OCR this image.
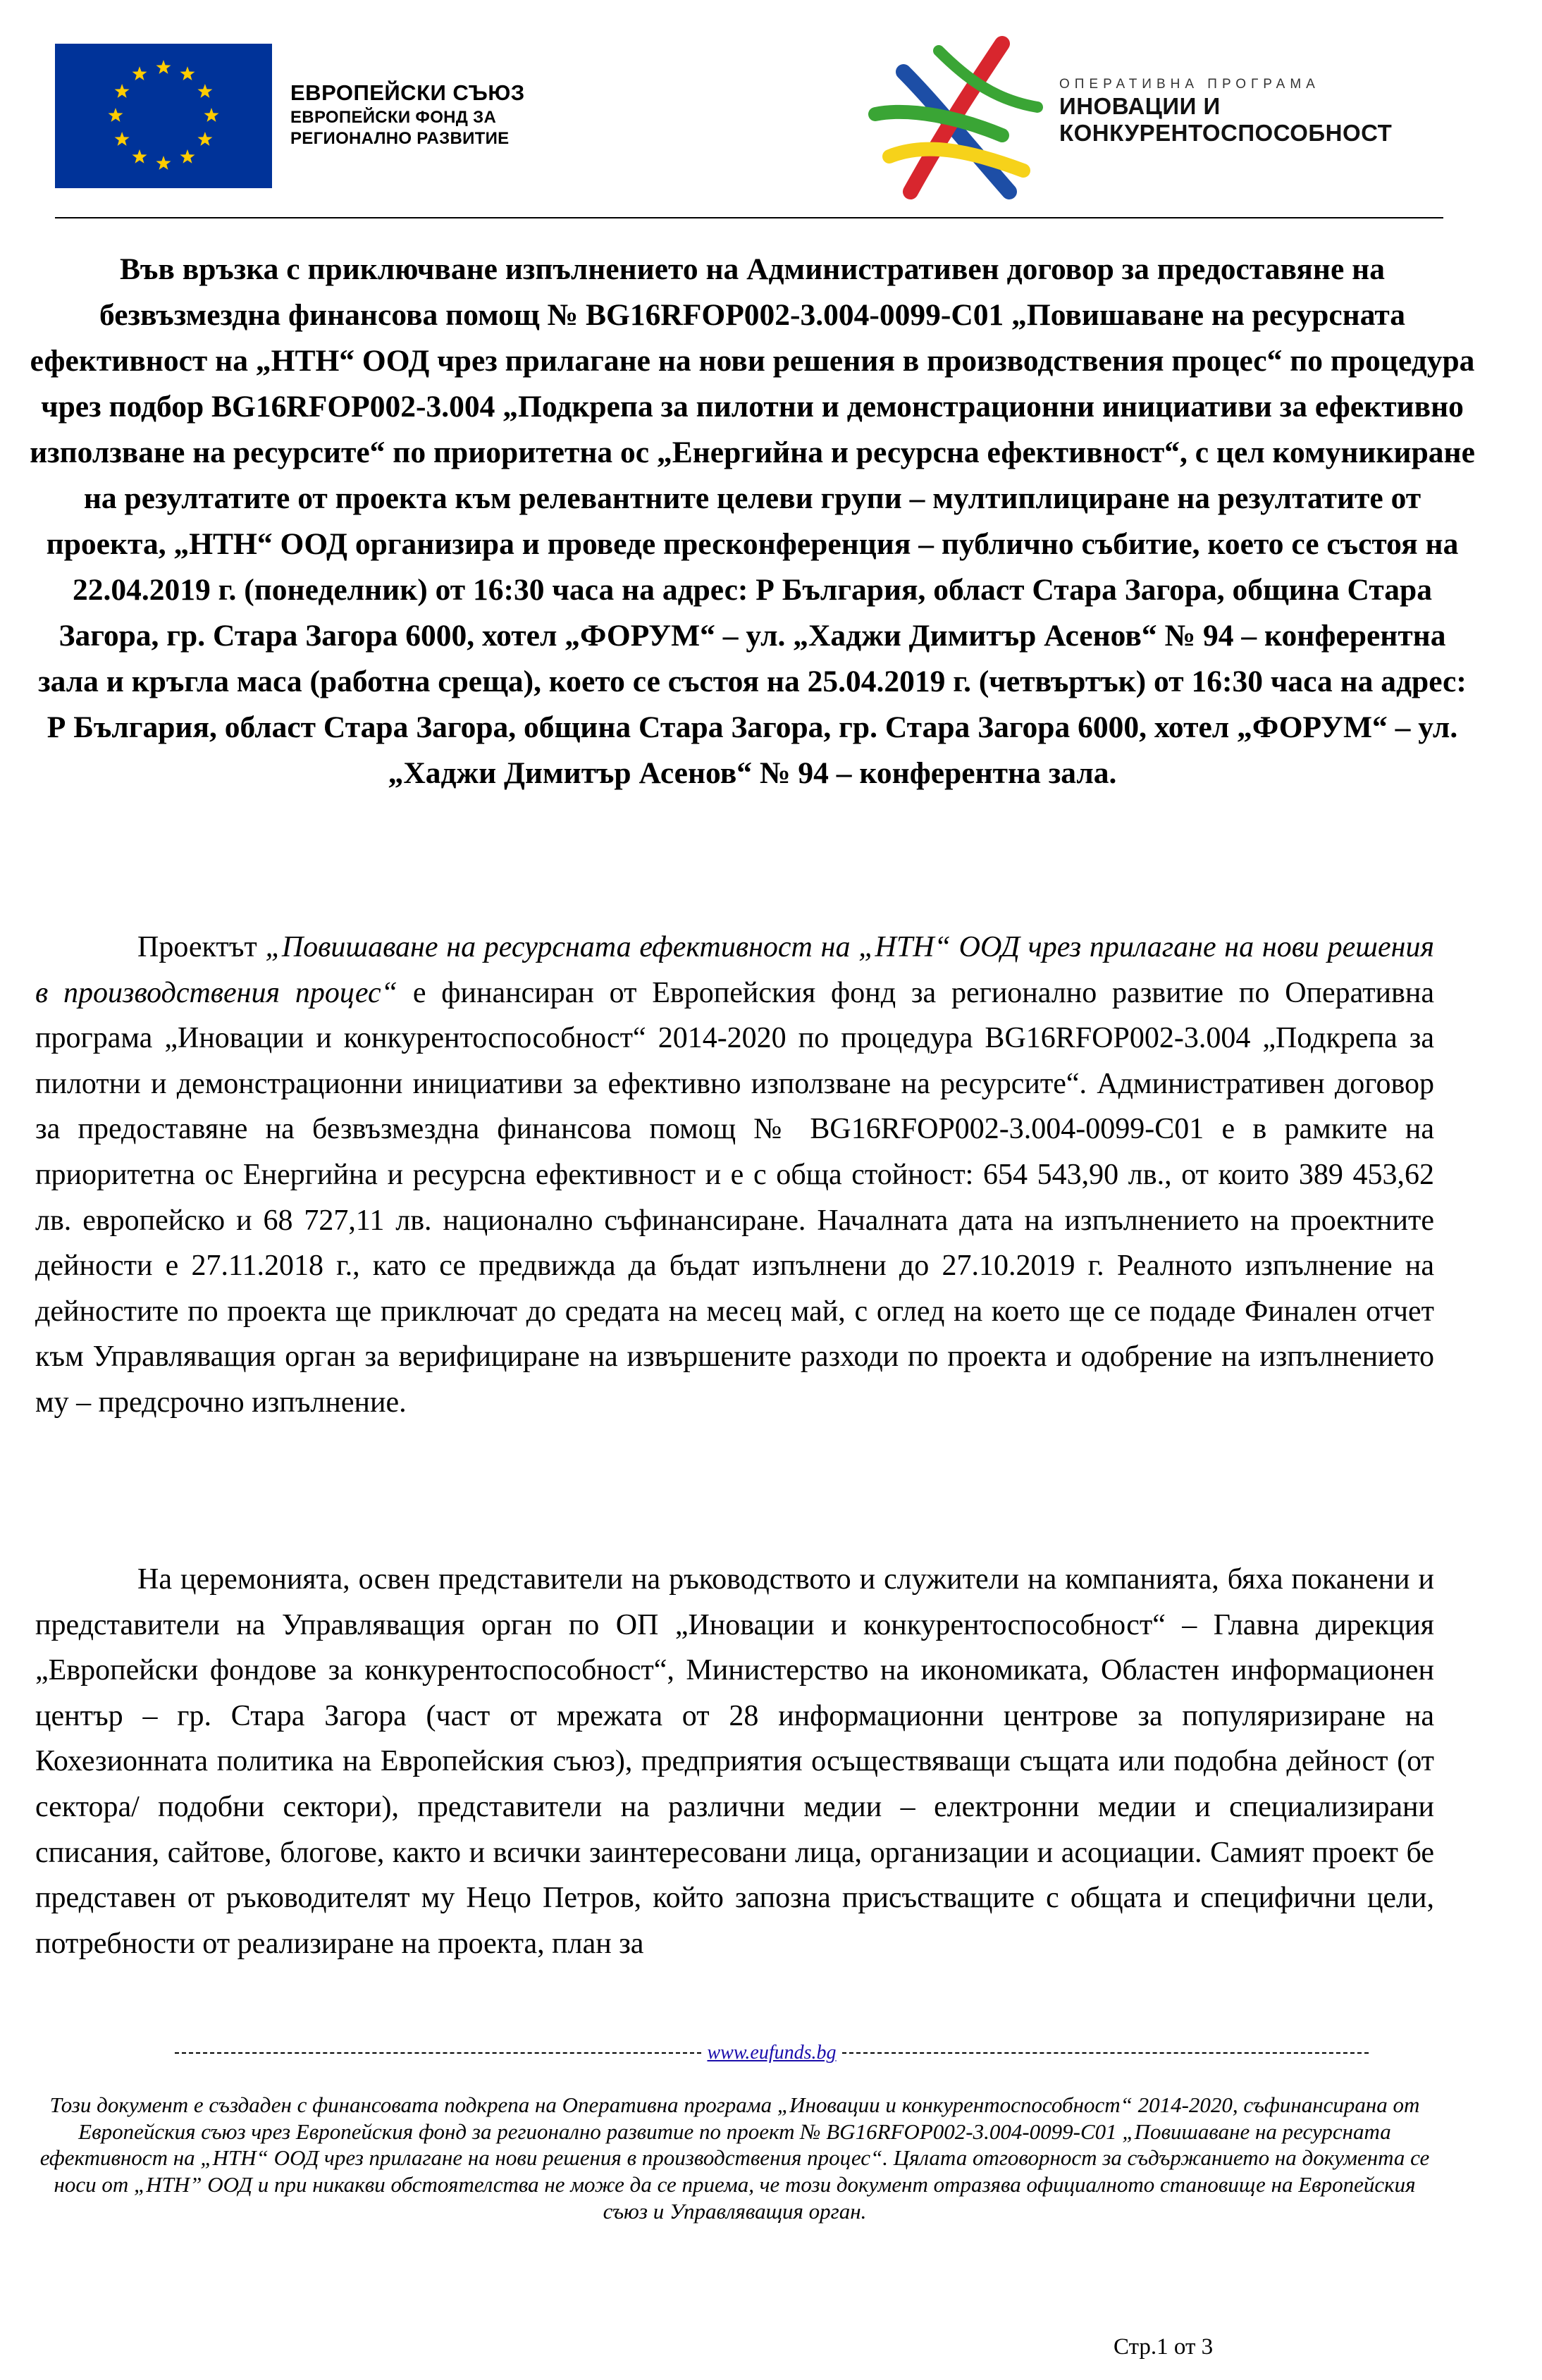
ЕВРОПЕЙСКИ СЪЮЗ
ЕВРОПЕЙСКИ ФОНД ЗА
РЕГИОНАЛНО РАЗВИТИЕ
ОПЕРАТИВНА ПРОГРАМА
ИНОВАЦИИ И
КОНКУРЕНТОСПОСОБНОСТ
Във връзка с приключване изпълнението на Административен договор за предоставяне на безвъзмездна финансова помощ № BG16RFOP002-3.004-0099-C01 „Повишаване на ресурсната ефективност на „НТН“ ООД чрез прилагане на нови решения в производствения процес“ по процедура чрез подбор BG16RFOP002-3.004 „Подкрепа за пилотни и демонстрационни инициативи за ефективно използване на ресурсите“ по приоритетна ос „Енергийна и ресурсна ефективност“, с цел комуникиране на резултатите от проекта към релевантните целеви групи – мултиплициране на резултатите от проекта, „НТН“ ООД организира и проведе пресконференция – публично събитие, което се състоя на 22.04.2019 г. (понеделник) от 16:30 часа на адрес: Р България, област Стара Загора, община Стара Загора, гр. Стара Загора 6000, хотел „ФОРУМ“ – ул. „Хаджи Димитър Асенов“ № 94 – конферентна зала и кръгла маса (работна среща), което се състоя на 25.04.2019 г. (четвъртък) от 16:30 часа на адрес: Р България, област Стара Загора, община Стара Загора, гр. Стара Загора 6000, хотел „ФОРУМ“ – ул. „Хаджи Димитър Асенов“ № 94 – конферентна зала.
Проектът „Повишаване на ресурсната ефективност на „НТН“ ООД чрез прилагане на нови решения в производствения процес“ е финансиран от Европейския фонд за регионално развитие по Оперативна програма „Иновации и конкурентоспособност“ 2014-2020 по процедура BG16RFOP002-3.004 „Подкрепа за пилотни и демонстрационни инициативи за ефективно използване на ресурсите“. Административен договор за предоставяне на безвъзмездна финансова помощ № BG16RFOP002-3.004-0099-C01 е в рамките на приоритетна ос Енергийна и ресурсна ефективност и е с обща стойност: 654 543,90 лв., от които 389 453,62 лв. европейско и 68 727,11 лв. национално съфинансиране. Началната дата на изпълнението на проектните дейности е 27.11.2018 г., като се предвижда да бъдат изпълнени до 27.10.2019 г. Реалното изпълнение на дейностите по проекта ще приключат до средата на месец май, с оглед на което ще се подаде Финален отчет към Управляващия орган за верифициране на извършените разходи по проекта и одобрение на изпълнението му – предсрочно изпълнение.
На церемонията, освен представители на ръководството и служители на компанията, бяха поканени и представители на Управляващия орган по ОП „Иновации и конкурентоспособност“ – Главна дирекция „Европейски фондове за конкурентоспособност“, Министерство на икономиката, Областен информационен център – гр. Стара Загора (част от мрежата от 28 информационни центрове за популяризиране на Кохезионната политика на Европейския съюз), предприятия осъществяващи същата или подобна дейност (от сектора/ подобни сектори), представители на различни медии – електронни медии и специализирани списания, сайтове, блогове, както и всички заинтересовани лица, организации и асоциации. Самият проект бе представен от ръководителят му Нецо Петров, който запозна присъстващите с общата и специфични цели, потребности от реализиране на проекта, план за
www.eufunds.bg
Този документ е създаден с финансовата подкрепа на Оперативна програма „Иновации и конкурентоспособност“ 2014-2020, съфинансирана от Европейския съюз чрез Европейския фонд за регионално развитие по проект № BG16RFOP002-3.004-0099-C01 „Повишаване на ресурсната ефективност на „НТН“ ООД чрез прилагане на нови решения в производствения процес“. Цялата отговорност за съдържанието на документа се носи от „НТН” ООД и при никакви обстоятелства не може да се приема, че този документ отразява официалното становище на Европейския съюз и Управляващия орган.
Стр.1 от 3
